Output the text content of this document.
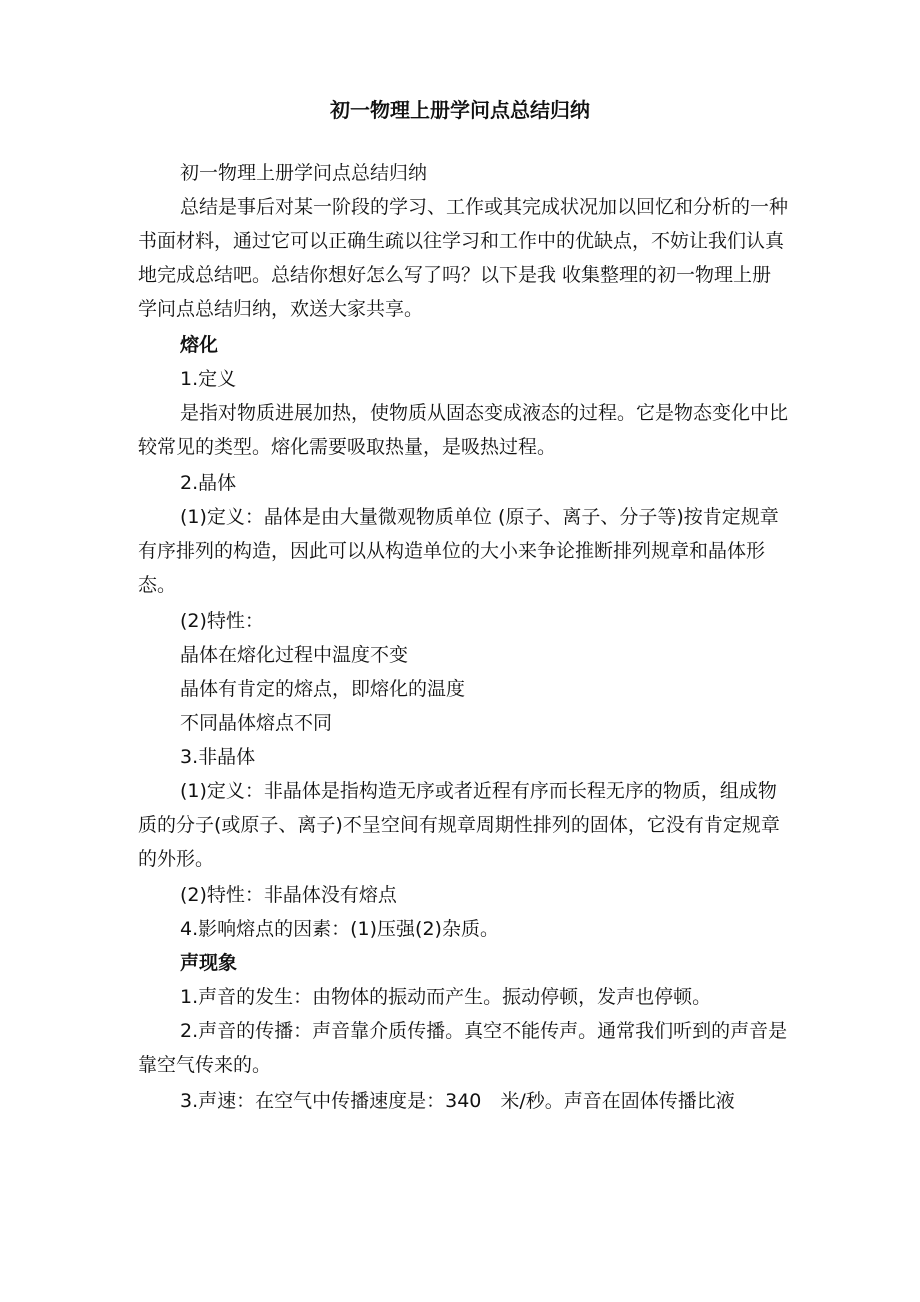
初一物理上册学问点总结归纳

初一物理上册学问点总结归纳

总结是事后对某一阶段的学习、工作或其完成状况加以回忆和分析的一种书面材料，通过它可以正确生疏以往学习和工作中的优缺点，不妨让我们认真地完成总结吧。总结你想好怎么写了吗？以下是我 收集整理的初一物理上册学问点总结归纳，欢送大家共享。

熔化

1.定义

是指对物质进展加热，使物质从固态变成液态的过程。它是物态变化中比较常见的类型。熔化需要吸取热量，是吸热过程。

2.晶体

(1)定义：晶体是由大量微观物质单位 (原子、离子、分子等)按肯定规章有序排列的构造，因此可以从构造单位的大小来争论推断排列规章和晶体形态。

(2)特性：

晶体在熔化过程中温度不变

晶体有肯定的熔点，即熔化的温度

不同晶体熔点不同

3.非晶体

(1)定义：非晶体是指构造无序或者近程有序而长程无序的物质，组成物质的分子(或原子、离子)不呈空间有规章周期性排列的固体，它没有肯定规章的外形。

(2)特性：非晶体没有熔点

4.影响熔点的因素：(1)压强(2)杂质。

声现象

1.声音的发生：由物体的振动而产生。振动停顿，发声也停顿。

2.声音的传播：声音靠介质传播。真空不能传声。通常我们听到的声音是靠空气传来的。

3.声速：在空气中传播速度是：340　米/秒。声音在固体传播比液
